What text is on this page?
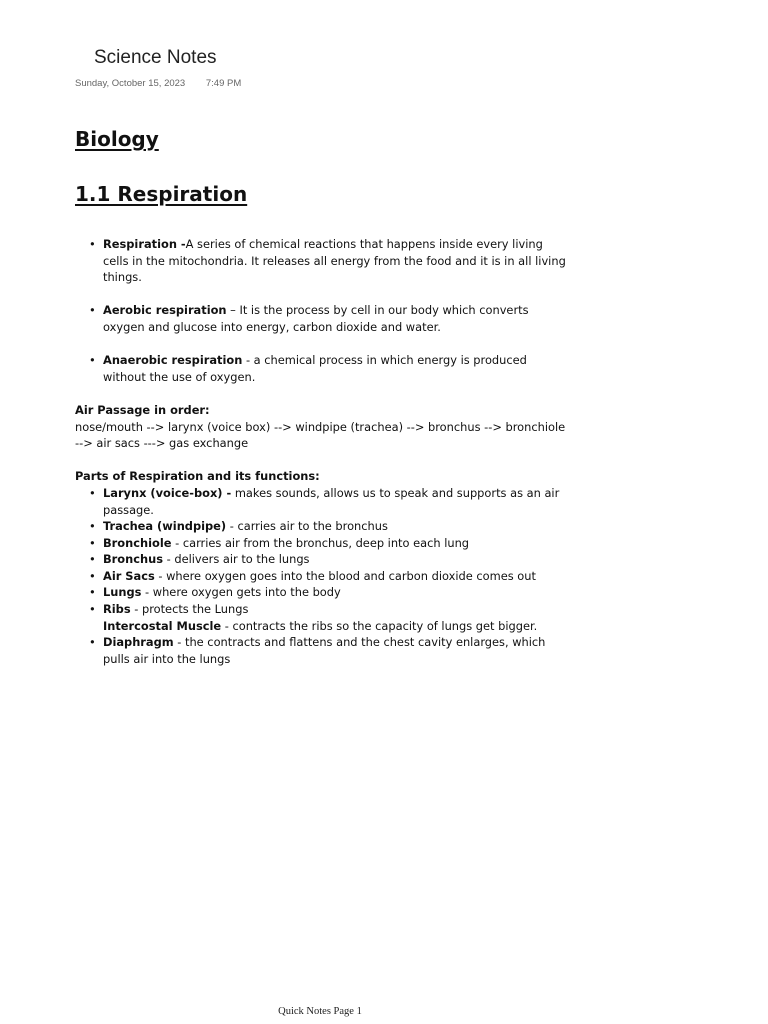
Science Notes
Sunday, October 15, 2023 7:49 PM
Biology
1.1 Respiration
• Respiration -A series of chemical reactions that happens inside every living cells in the mitochondria. It releases all energy from the food and it is in all living things.
• Aerobic respiration – It is the process by cell in our body which converts oxygen and glucose into energy, carbon dioxide and water.
• Anaerobic respiration - a chemical process in which energy is produced without the use of oxygen.

Air Passage in order:

nose/mouth --> larynx (voice box) --> windpipe (trachea) --> bronchus --> bronchiole --> air sacs ---> gas exchange

Parts of Respiration and its functions:

• Larynx (voice-box) - makes sounds, allows us to speak and supports as an air passage.
• Trachea (windpipe) - carries air to the bronchus
• Bronchiole - carries air from the bronchus, deep into each lung
• Bronchus - delivers air to the lungs
• Air Sacs - where oxygen goes into the blood and carbon dioxide comes out
• Lungs - where oxygen gets into the body
• Ribs - protects the Lungs

Intercostal Muscle - contracts the ribs so the capacity of lungs get bigger.

• Diaphragm - the contracts and flattens and the chest cavity enlarges, which pulls air into the lungs
Quick Notes Page 1
